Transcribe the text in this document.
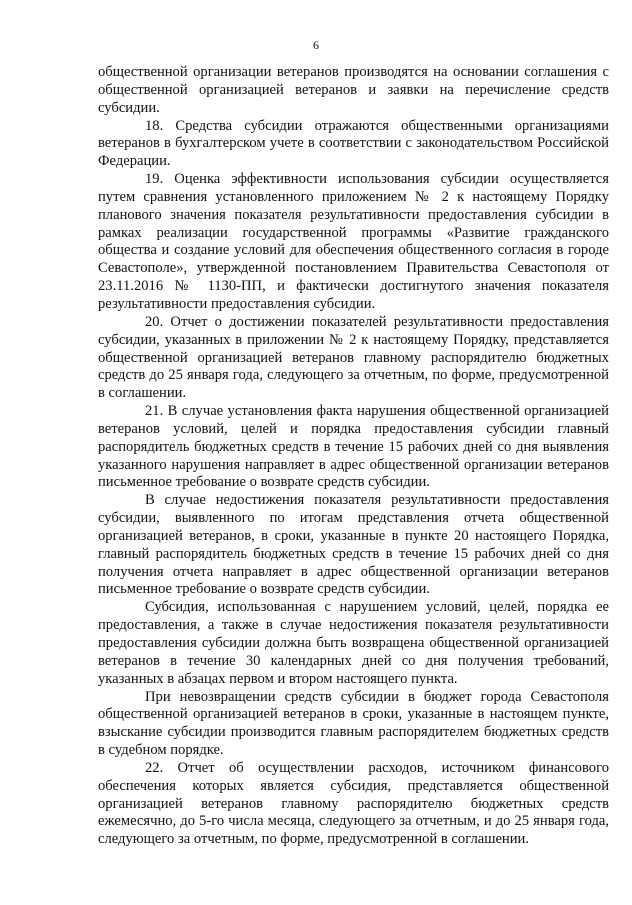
6

общественной организации ветеранов производятся на основании соглашения с общественной организацией ветеранов и заявки на перечисление средств субсидии.

18. Средства субсидии отражаются общественными организациями ветеранов в бухгалтерском учете в соответствии с законодательством Российской Федерации.

19. Оценка эффективности использования субсидии осуществляется путем сравнения установленного приложением № 2 к настоящему Порядку планового значения показателя результативности предоставления субсидии в рамках реализации государственной программы «Развитие гражданского общества и создание условий для обеспечения общественного согласия в городе Севастополе», утвержденной постановлением Правительства Севастополя от 23.11.2016 № 1130-ПП, и фактически достигнутого значения показателя результативности предоставления субсидии.

20. Отчет о достижении показателей результативности предоставления субсидии, указанных в приложении № 2 к настоящему Порядку, представляется общественной организацией ветеранов главному распорядителю бюджетных средств до 25 января года, следующего за отчетным, по форме, предусмотренной в соглашении.

21. В случае установления факта нарушения общественной организацией ветеранов условий, целей и порядка предоставления субсидии главный распорядитель бюджетных средств в течение 15 рабочих дней со дня выявления указанного нарушения направляет в адрес общественной организации ветеранов письменное требование о возврате средств субсидии.

В случае недостижения показателя результативности предоставления субсидии, выявленного по итогам представления отчета общественной организацией ветеранов, в сроки, указанные в пункте 20 настоящего Порядка, главный распорядитель бюджетных средств в течение 15 рабочих дней со дня получения отчета направляет в адрес общественной организации ветеранов письменное требование о возврате средств субсидии.

Субсидия, использованная с нарушением условий, целей, порядка ее предоставления, а также в случае недостижения показателя результативности предоставления субсидии должна быть возвращена общественной организацией ветеранов в течение 30 календарных дней со дня получения требований, указанных в абзацах первом и втором настоящего пункта.

При невозвращении средств субсидии в бюджет города Севастополя общественной организацией ветеранов в сроки, указанные в настоящем пункте, взыскание субсидии производится главным распорядителем бюджетных средств в судебном порядке.

22. Отчет об осуществлении расходов, источником финансового обеспечения которых является субсидия, представляется общественной организацией ветеранов главному распорядителю бюджетных средств ежемесячно, до 5-го числа месяца, следующего за отчетным, и до 25 января года, следующего за отчетным, по форме, предусмотренной в соглашении.
